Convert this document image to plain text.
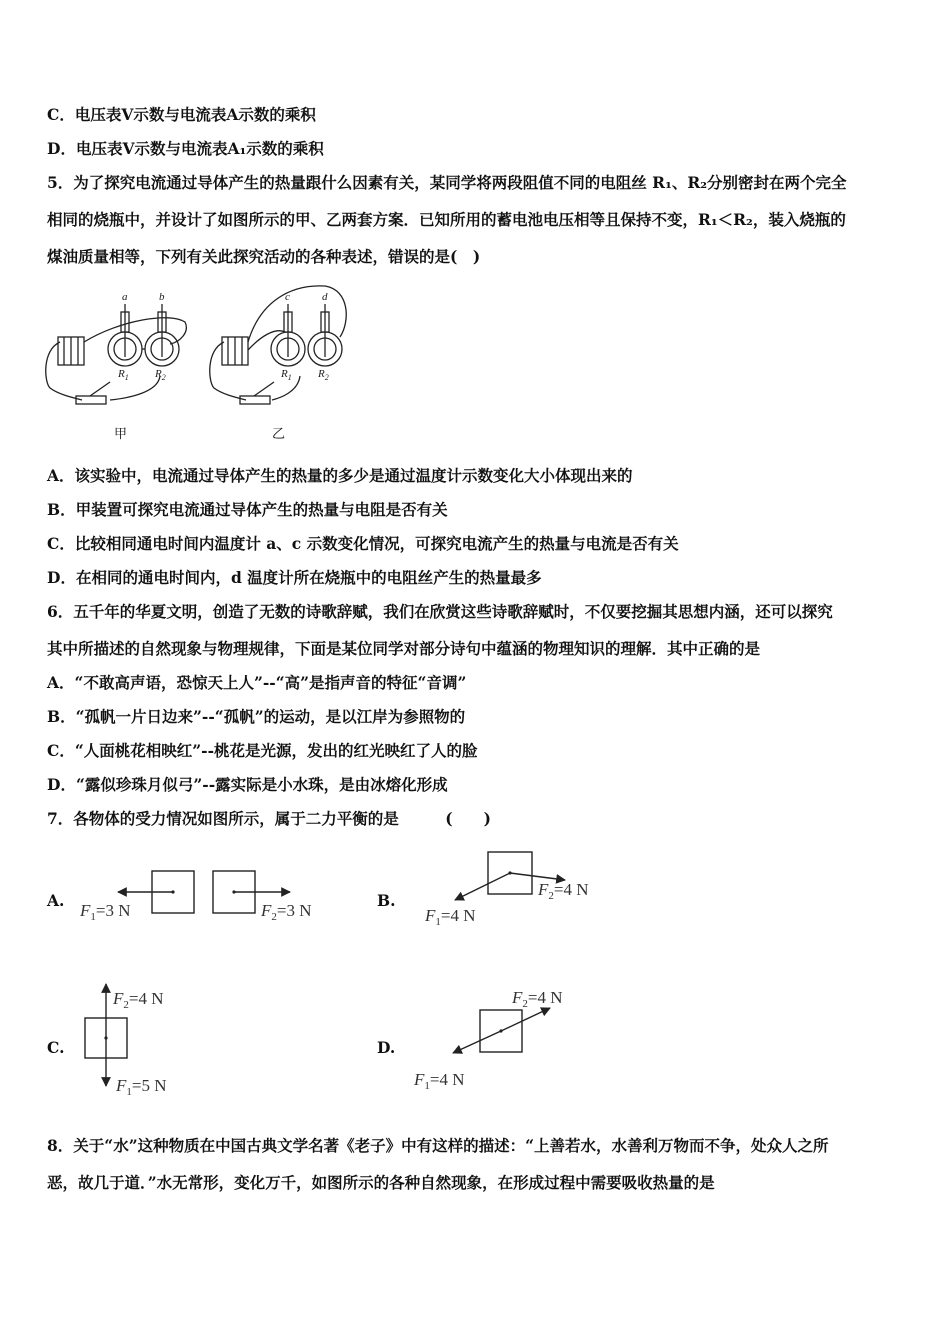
C．电压表V示数与电流表A示数的乘积
D．电压表V示数与电流表A₁示数的乘积
5．为了探究电流通过导体产生的热量跟什么因素有关，某同学将两段阻值不同的电阻丝 R₁、R₂分别密封在两个完全
相同的烧瓶中，并设计了如图所示的甲、乙两套方案．已知所用的蓄电池电压相等且保持不变，R₁＜R₂，装入烧瓶的
煤油质量相等，下列有关此探究活动的各种表述，错误的是(　)
a	b	c	d
$R_1$ $R_2$	$R_1$ $R_2$
甲	乙
A．该实验中，电流通过导体产生的热量的多少是通过温度计示数变化大小体现出来的
B．甲装置可探究电流通过导体产生的热量与电阻是否有关
C．比较相同通电时间内温度计 a、c 示数变化情况，可探究电流产生的热量与电流是否有关
D．在相同的通电时间内，d 温度计所在烧瓶中的电阻丝产生的热量最多
6．五千年的华夏文明，创造了无数的诗歌辞赋，我们在欣赏这些诗歌辞赋时，不仅要挖掘其思想内涵，还可以探究
其中所描述的自然现象与物理规律，下面是某位同学对部分诗句中蕴涵的物理知识的理解．其中正确的是
A．“不敢高声语，恐惊天上人”--“高”是指声音的特征“音调”
B．“孤帆一片日边来”--“孤帆”的运动，是以江岸为参照物的
C．“人面桃花相映红”--桃花是光源，发出的红光映红了人的脸
D．“露似珍珠月似弓”--露实际是小水珠，是由冰熔化形成
7．各物体的受力情况如图所示，属于二力平衡的是　　　(　　)
$F_1=3$ N	$F_2=3$ N	$F_1=4$ N
$F_2=4$ N
$F_2=4$ N
$F_1=5$ N
$F_2=4$ N
$F_1=4$ N
A.	B.
C.	D.
8．关于“水”这种物质在中国古典文学名著《老子》中有这样的描述：“上善若水，水善利万物而不争，处众人之所
恶，故几于道．”水无常形，变化万千，如图所示的各种自然现象，在形成过程中需要吸收热量的是
